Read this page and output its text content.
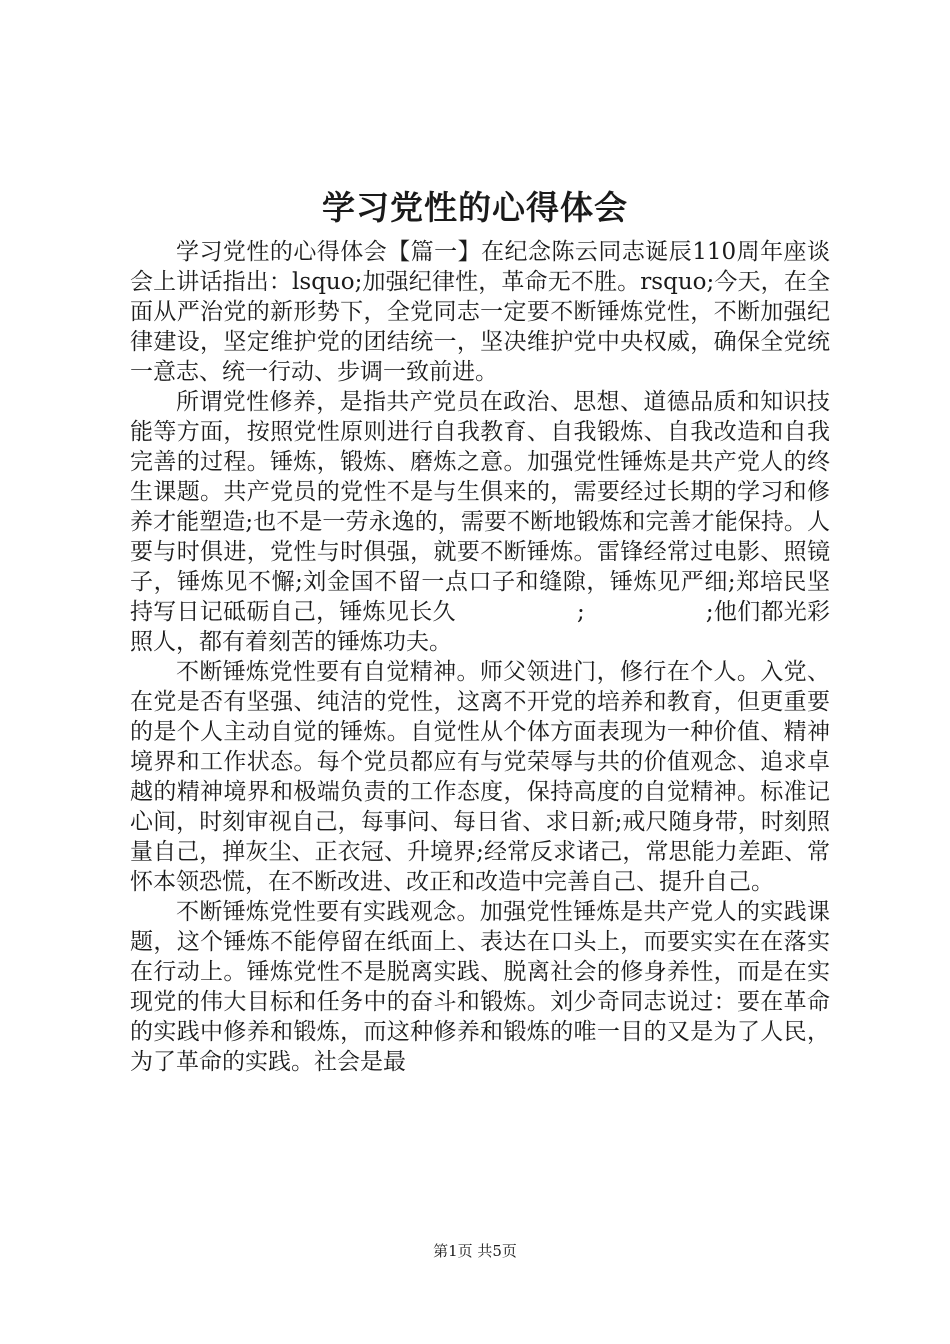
学习党性的心得体会

学习党性的心得体会【篇一】在纪念陈云同志诞辰110周年座谈会上讲话指出：lsquo;加强纪律性，革命无不胜。rsquo;今天，在全面从严治党的新形势下，全党同志一定要不断锤炼党性，不断加强纪律建设，坚定维护党的团结统一，坚决维护党中央权威，确保全党统一意志、统一行动、步调一致前进。

所谓党性修养，是指共产党员在政治、思想、道德品质和知识技能等方面，按照党性原则进行自我教育、自我锻炼、自我改造和自我完善的过程。锤炼，锻炼、磨炼之意。加强党性锤炼是共产党人的终生课题。共产党员的党性不是与生俱来的，需要经过长期的学习和修养才能塑造;也不是一劳永逸的，需要不断地锻炼和完善才能保持。人要与时俱进，党性与时俱强，就要不断锤炼。雷锋经常过电影、照镜子，锤炼见不懈;刘金国不留一点口子和缝隙，锤炼见严细;郑培民坚持写日记砥砺自己，锤炼见长久                ;                ;他们都光彩照人，都有着刻苦的锤炼功夫。

不断锤炼党性要有自觉精神。师父领进门，修行在个人。入党、在党是否有坚强、纯洁的党性，这离不开党的培养和教育，但更重要的是个人主动自觉的锤炼。自觉性从个体方面表现为一种价值、精神境界和工作状态。每个党员都应有与党荣辱与共的价值观念、追求卓越的精神境界和极端负责的工作态度，保持高度的自觉精神。标准记心间，时刻审视自己，每事问、每日省、求日新;戒尺随身带，时刻照量自己，掸灰尘、正衣冠、升境界;经常反求诸己，常思能力差距、常怀本领恐慌，在不断改进、改正和改造中完善自己、提升自己。

不断锤炼党性要有实践观念。加强党性锤炼是共产党人的实践课题，这个锤炼不能停留在纸面上、表达在口头上，而要实实在在落实在行动上。锤炼党性不是脱离实践、脱离社会的修身养性，而是在实现党的伟大目标和任务中的奋斗和锻炼。刘少奇同志说过：要在革命的实践中修养和锻炼，而这种修养和锻炼的唯一目的又是为了人民，为了革命的实践。社会是最

第1页 共5页
